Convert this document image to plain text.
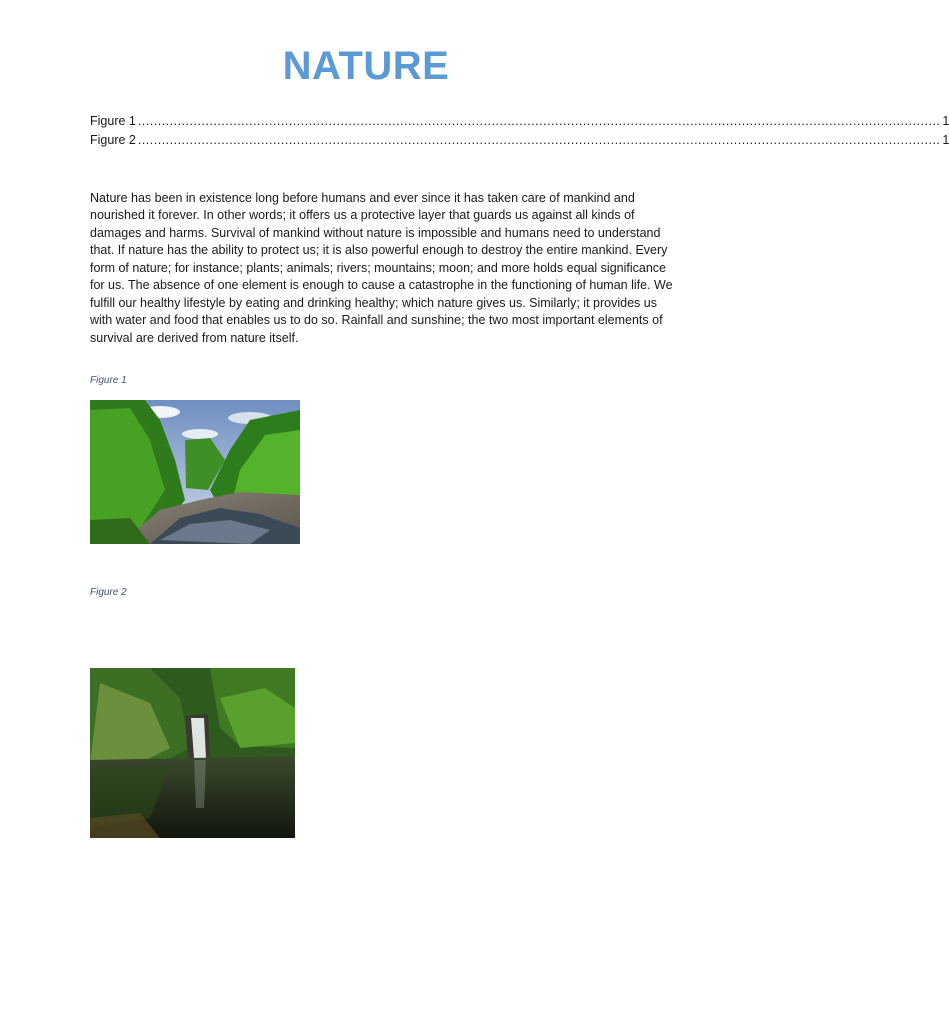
NATURE
Figure 1 .......................................................................................................................................................................................................... 1
Figure 2 .......................................................................................................................................................................................................... 1

Nature has been in existence long before humans and ever since it has taken care of mankind and nourished it forever. In other words; it offers us a protective layer that guards us against all kinds of damages and harms. Survival of mankind without nature is impossible and humans need to understand that. If nature has the ability to protect us; it is also powerful enough to destroy the entire mankind. Every form of nature; for instance; plants; animals; rivers; mountains; moon; and more holds equal significance for us. The absence of one element is enough to cause a catastrophe in the functioning of human life. We fulfill our healthy lifestyle by eating and drinking healthy; which nature gives us. Similarly; it provides us with water and food that enables us to do so. Rainfall and sunshine; the two most important elements of survival are derived from nature itself.

Figure 1
Figure 2
